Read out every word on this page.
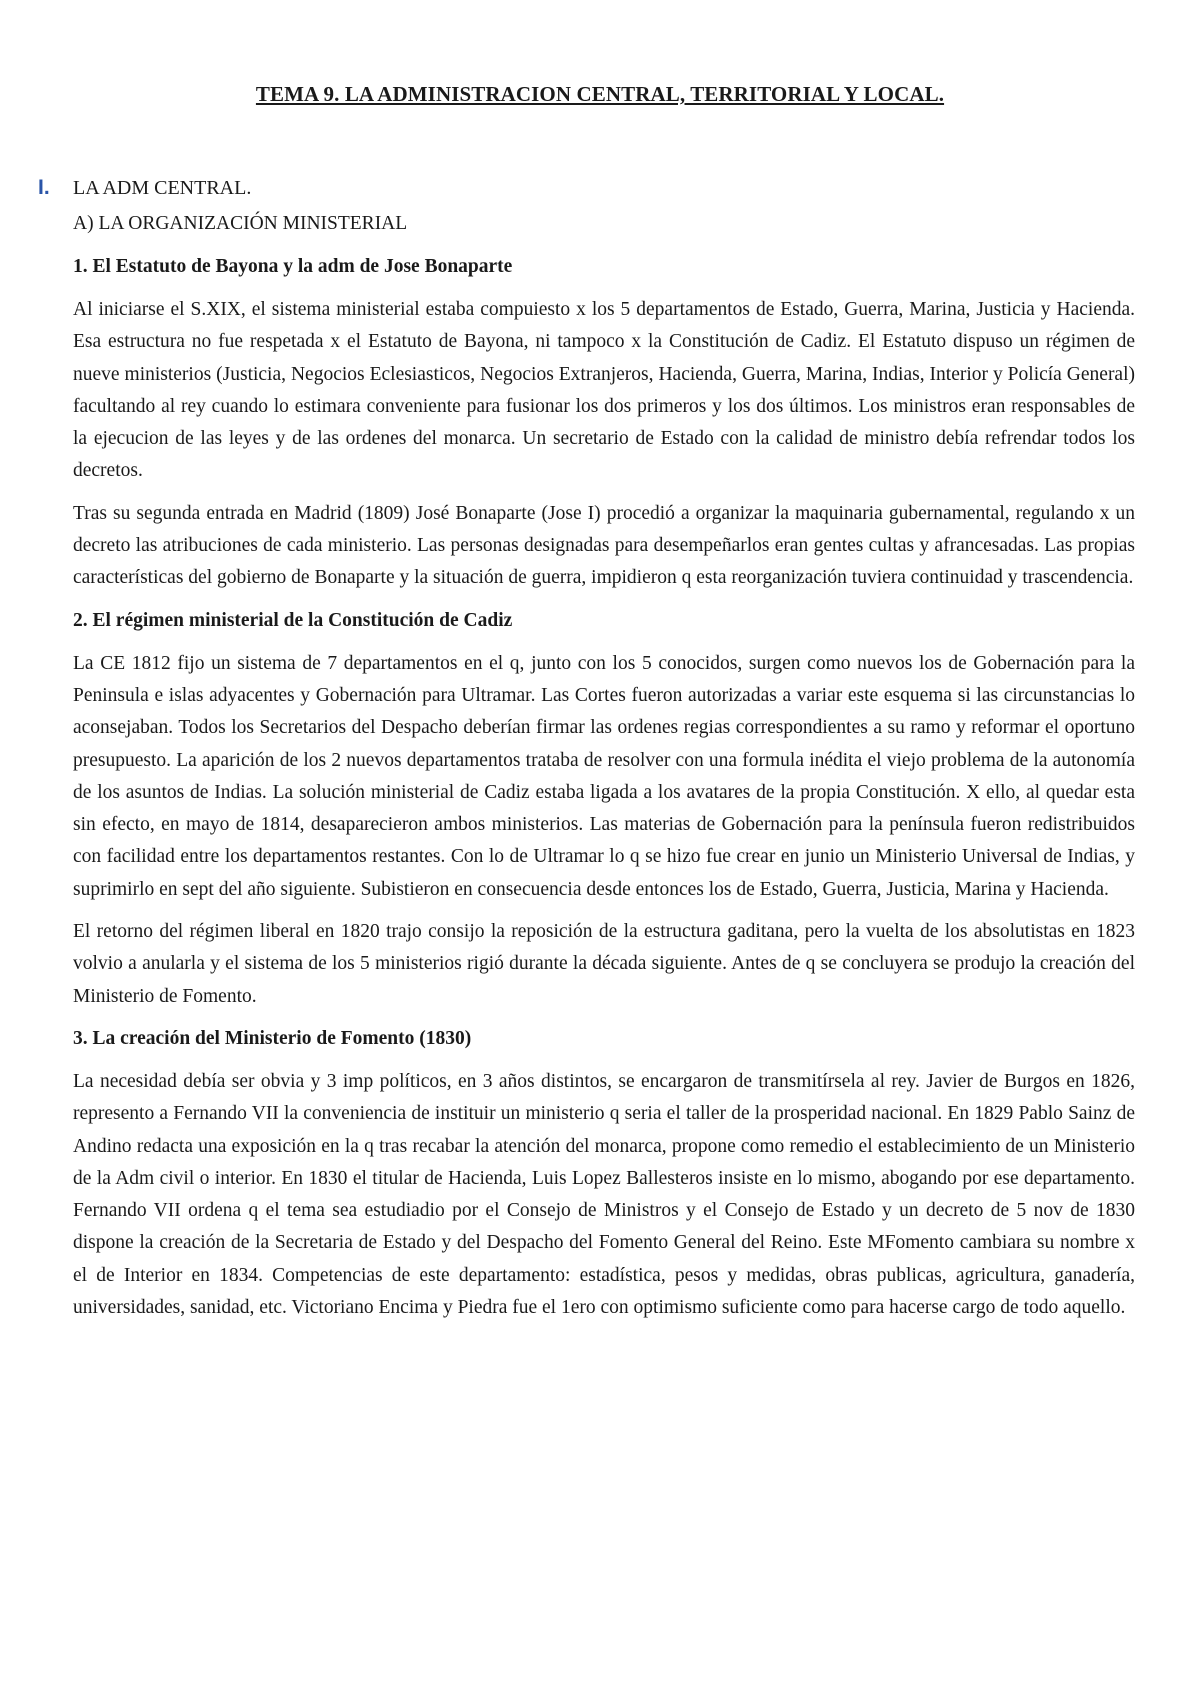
TEMA 9. LA ADMINISTRACION CENTRAL, TERRITORIAL Y LOCAL.
I.	LA ADM CENTRAL.
A) LA ORGANIZACIÓN MINISTERIAL
1. El Estatuto de Bayona y la adm de Jose Bonaparte

Al iniciarse el S.XIX, el sistema ministerial estaba compuiesto x los 5 departamentos de Estado, Guerra, Marina, Justicia y Hacienda. Esa estructura no fue respetada x el Estatuto de Bayona, ni tampoco x la Constitución de Cadiz. El Estatuto dispuso un régimen de nueve ministerios (Justicia, Negocios Eclesiasticos, Negocios Extranjeros, Hacienda, Guerra, Marina, Indias, Interior y Policía General) facultando al rey cuando lo estimara conveniente para fusionar los dos primeros y los dos últimos. Los ministros eran responsables de la ejecucion de las leyes y de las ordenes del monarca. Un secretario de Estado con la calidad de ministro debía refrendar todos los decretos.

Tras su segunda entrada en Madrid (1809) José Bonaparte (Jose I) procedió a organizar la maquinaria gubernamental, regulando x un decreto las atribuciones de cada ministerio. Las personas designadas para desempeñarlos eran gentes cultas y afrancesadas. Las propias características del gobierno de Bonaparte y la situación de guerra, impidieron q esta reorganización tuviera continuidad y trascendencia.

2. El régimen ministerial de la Constitución de Cadiz

La CE 1812 fijo un sistema de 7 departamentos en el q, junto con los 5 conocidos, surgen como nuevos los de Gobernación para la Peninsula e islas adyacentes y Gobernación para Ultramar. Las Cortes fueron autorizadas a variar este esquema si las circunstancias lo aconsejaban. Todos los Secretarios del Despacho deberían firmar las ordenes regias correspondientes a su ramo y reformar el oportuno presupuesto. La aparición de los 2 nuevos departamentos trataba de resolver con una formula inédita el viejo problema de la autonomía de los asuntos de Indias. La solución ministerial de Cadiz estaba ligada a los avatares de la propia Constitución. X ello, al quedar esta sin efecto, en mayo de 1814, desaparecieron ambos ministerios. Las materias de Gobernación para la península fueron redistribuidos con facilidad entre los departamentos restantes. Con lo de Ultramar lo q se hizo fue crear en junio un Ministerio Universal de Indias, y suprimirlo en sept del año siguiente. Subistieron en consecuencia desde entonces los de Estado, Guerra, Justicia, Marina y Hacienda.

El retorno del régimen liberal en 1820 trajo consijo la reposición de la estructura gaditana, pero la vuelta de los absolutistas en 1823 volvio a anularla y el sistema de los 5 ministerios rigió durante la década siguiente. Antes de q se concluyera se produjo la creación del Ministerio de Fomento.

3. La creación del Ministerio de Fomento (1830)

La necesidad debía ser obvia y 3 imp políticos, en 3 años distintos, se encargaron de transmitírsela al rey. Javier de Burgos en 1826, represento a Fernando VII la conveniencia de instituir un ministerio q seria el taller de la prosperidad nacional. En 1829 Pablo Sainz de Andino redacta una exposición en la q tras recabar la atención del monarca, propone como remedio el establecimiento de un Ministerio de la Adm civil o interior. En 1830 el titular de Hacienda, Luis Lopez Ballesteros insiste en lo mismo, abogando por ese departamento. Fernando VII ordena q el tema sea estudiadio por el Consejo de Ministros y el Consejo de Estado y un decreto de 5 nov de 1830 dispone la creación de la Secretaria de Estado y del Despacho del Fomento General del Reino. Este MFomento cambiara su nombre x el de Interior en 1834. Competencias de este departamento: estadística, pesos y medidas, obras publicas, agricultura, ganadería, universidades, sanidad, etc. Victoriano Encima y Piedra fue el 1ero con optimismo suficiente como para hacerse cargo de todo aquello.
